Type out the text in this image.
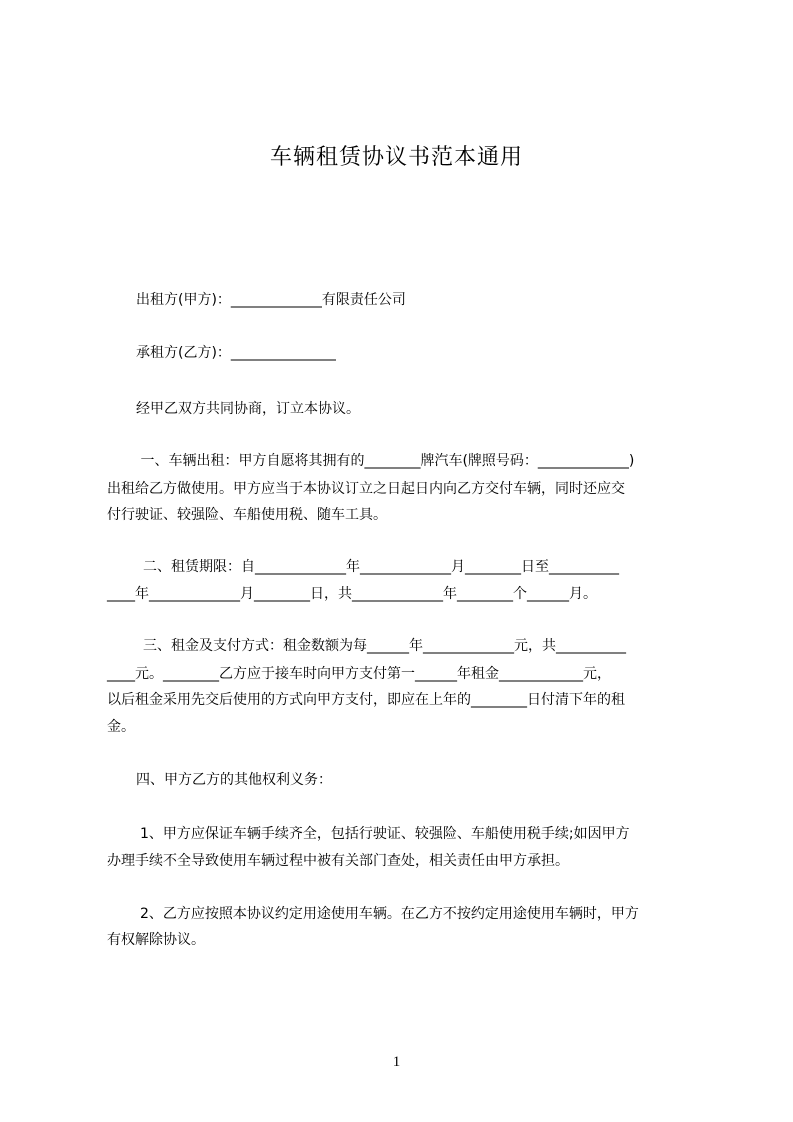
车辆租赁协议书范本通用
出租方(甲方)：_____________有限责任公司
承租方(乙方)：_______________
经甲乙双方共同协商，订立本协议。
一、车辆出租：甲方自愿将其拥有的________牌汽车(牌照号码：_____________)
出租给乙方做使用。甲方应当于本协议订立之日起日内向乙方交付车辆，同时还应交
付行驶证、较强险、车船使用税、随车工具。
二、租赁期限：自_____________年_____________月________日至__________
____年_____________月________日，共_____________年________个______月。
三、租金及支付方式：租金数额为每______年_____________元，共__________
____元。________乙方应于接车时向甲方支付第一______年租金____________元，
以后租金采用先交后使用的方式向甲方支付，即应在上年的________日付清下年的租
金。
四、甲方乙方的其他权利义务：
1、甲方应保证车辆手续齐全，包括行驶证、较强险、车船使用税手续;如因甲方
办理手续不全导致使用车辆过程中被有关部门查处，相关责任由甲方承担。
2、乙方应按照本协议约定用途使用车辆。在乙方不按约定用途使用车辆时，甲方
有权解除协议。
1
